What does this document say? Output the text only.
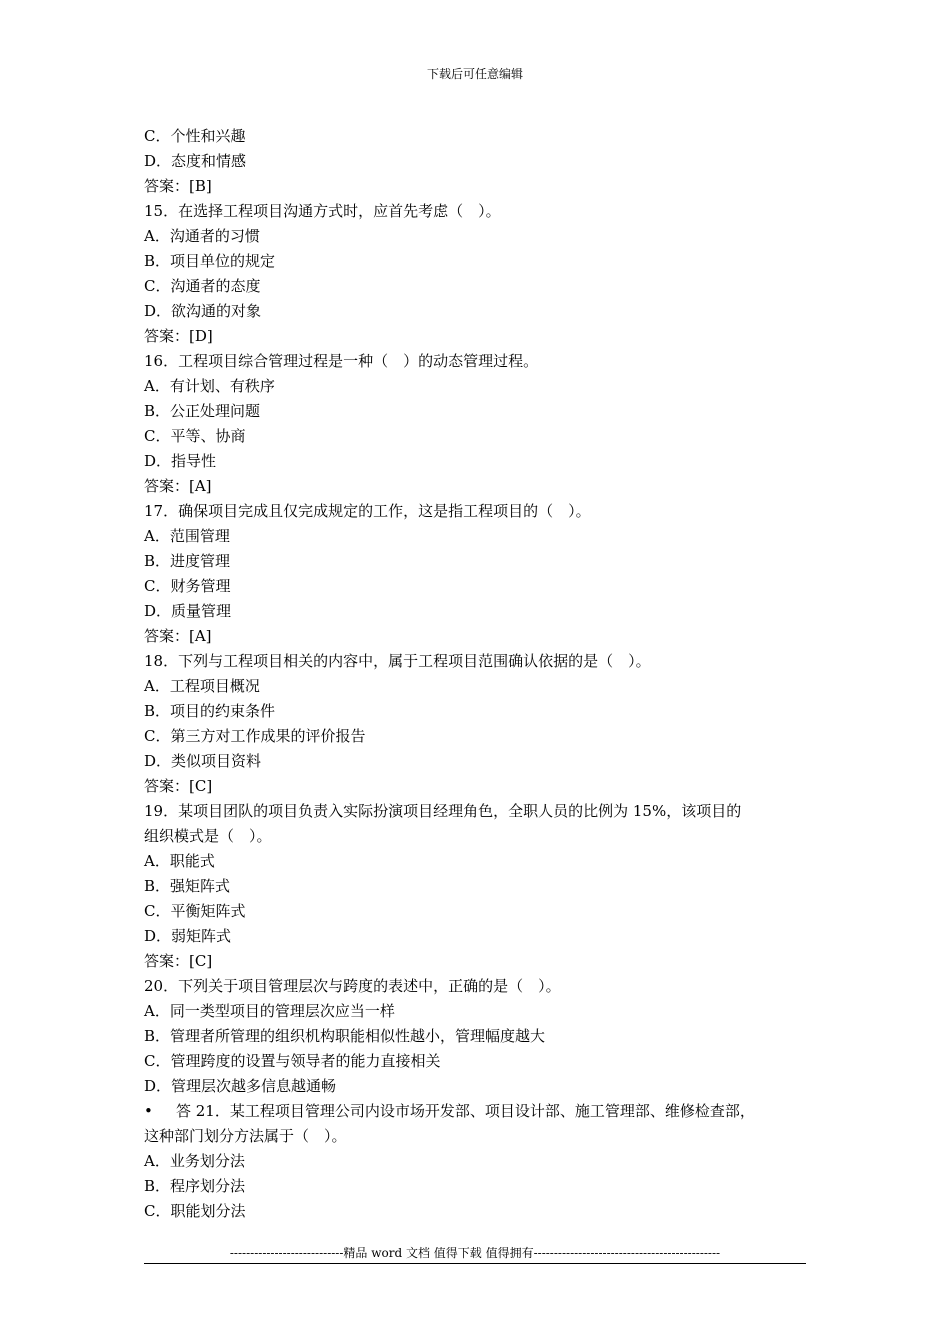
下载后可任意编辑
C．个性和兴趣
D．态度和情感
答案：[B]
15．在选择工程项目沟通方式时，应首先考虑（　）。
A．沟通者的习惯
B．项目单位的规定
C．沟通者的态度
D．欲沟通的对象
答案：[D]
16．工程项目综合管理过程是一种（　）的动态管理过程。
A．有计划、有秩序
B．公正处理问题
C．平等、协商
D．指导性
答案：[A]
17．确保项目完成且仅完成规定的工作，这是指工程项目的（　）。
A．范围管理
B．进度管理
C．财务管理
D．质量管理
答案：[A]
18．下列与工程项目相关的内容中，属于工程项目范围确认依据的是（　）。
A．工程项目概况
B．项目的约束条件
C．第三方对工作成果的评价报告
D．类似项目资料
答案：[C]
19．某项目团队的项目负责入实际扮演项目经理角色，全职人员的比例为 15%，该项目的
组织模式是（　）。
A．职能式
B．强矩阵式
C．平衡矩阵式
D．弱矩阵式
答案：[C]
20．下列关于项目管理层次与跨度的表述中，正确的是（　）。
A．同一类型项目的管理层次应当一样
B．管理者所管理的组织机构职能相似性越小，管理幅度越大
C．管理跨度的设置与领导者的能力直接相关
D．管理层次越多信息越通畅
• 答 21．某工程项目管理公司内设市场开发部、项目设计部、施工管理部、维修检查部，
这种部门划分方法属于（　）。
A．业务划分法
B．程序划分法
C．职能划分法
----------------------------精品 word 文档 值得下载 值得拥有----------------------------------------------
